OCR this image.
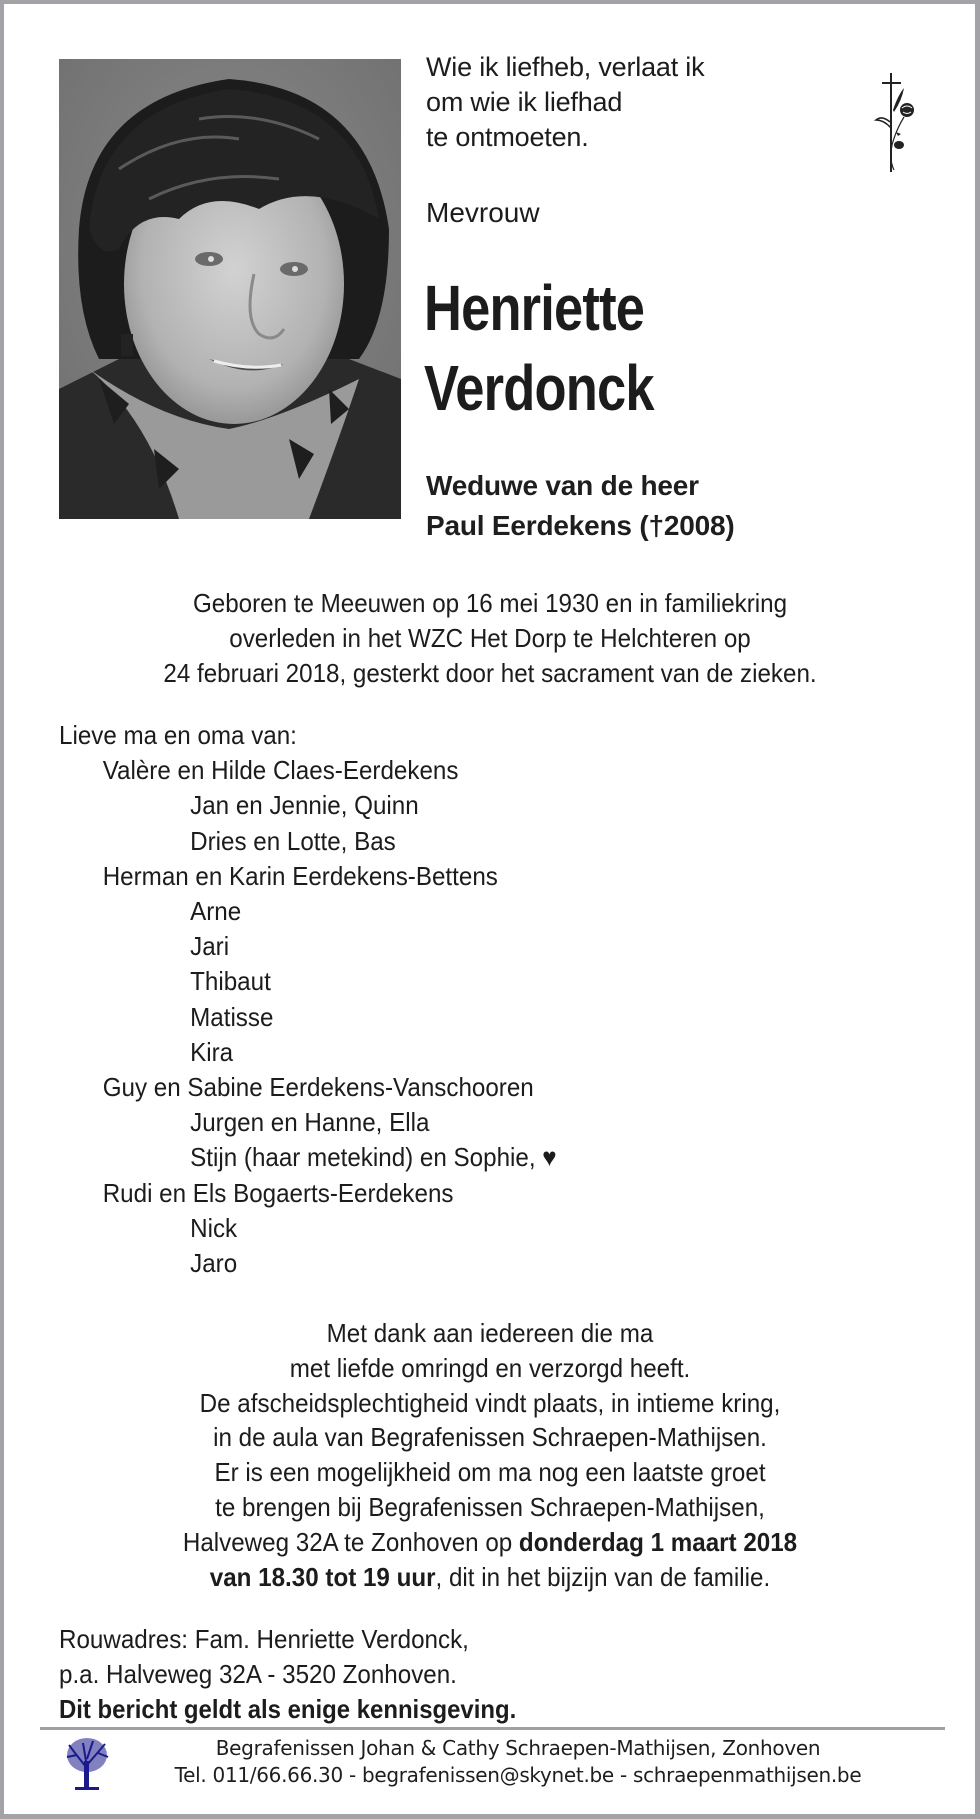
Wie ik liefheb, verlaat ik
om wie ik liefhad
te ontmoeten.
Mevrouw
Henriette
Verdonck
Weduwe van de heer
Paul Eerdekens (†2008)
Geboren te Meeuwen op 16 mei 1930 en in familiekring
overleden in het WZC Het Dorp te Helchteren op
24 februari 2018, gesterkt door het sacrament van de zieken.
Lieve ma en oma van:
Valère en Hilde Claes-Eerdekens
Jan en Jennie, Quinn
Dries en Lotte, Bas
Herman en Karin Eerdekens-Bettens
Arne
Jari
Thibaut
Matisse
Kira
Guy en Sabine Eerdekens-Vanschooren
Jurgen en Hanne, Ella
Stijn (haar metekind) en Sophie, ♥
Rudi en Els Bogaerts-Eerdekens
Nick
Jaro
Met dank aan iedereen die ma
met liefde omringd en verzorgd heeft.
De afscheidsplechtigheid vindt plaats, in intieme kring,
in de aula van Begrafenissen Schraepen-Mathijsen.
Er is een mogelijkheid om ma nog een laatste groet
te brengen bij Begrafenissen Schraepen-Mathijsen,
Halveweg 32A te Zonhoven op donderdag 1 maart 2018
van 18.30 tot 19 uur, dit in het bijzijn van de familie.
Rouwadres: Fam. Henriette Verdonck,
p.a. Halveweg 32A - 3520 Zonhoven.
Dit bericht geldt als enige kennisgeving.
Begrafenissen Johan & Cathy Schraepen-Mathijsen, Zonhoven
Tel. 011/66.66.30 - begrafenissen@skynet.be - schraepenmathijsen.be
